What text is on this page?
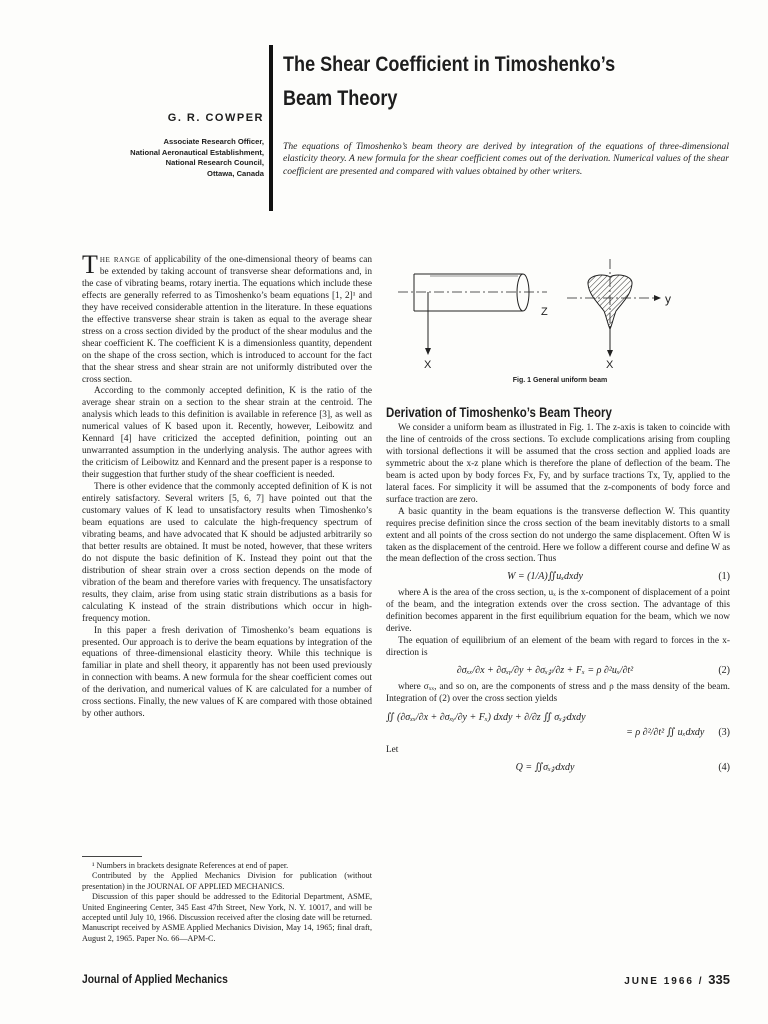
G. R. COWPER
Associate Research Officer,
National Aeronautical Establishment,
National Research Council,
Ottawa, Canada
The Shear Coefficient in Timoshenko’s
Beam Theory
The equations of Timoshenko’s beam theory are derived by integration of the equations of three-dimensional elasticity theory. A new formula for the shear coefficient comes out of the derivation. Numerical values of the shear coefficient are presented and compared with values obtained by other writers.

The range of applicability of the one-dimensional theory of beams can be extended by taking account of transverse shear deformations and, in the case of vibrating beams, rotary inertia. The equations which include these effects are generally referred to as Timoshenko’s beam equations [1, 2]¹ and they have received considerable attention in the literature. In these equations the effective transverse shear strain is taken as equal to the average shear stress on a cross section divided by the product of the shear modulus and the shear coefficient K. The coefficient K is a dimensionless quantity, dependent on the shape of the cross section, which is introduced to account for the fact that the shear stress and shear strain are not uniformly distributed over the cross section.

According to the commonly accepted definition, K is the ratio of the average shear strain on a section to the shear strain at the centroid. The analysis which leads to this definition is available in reference [3], as well as numerical values of K based upon it. Recently, however, Leibowitz and Kennard [4] have criticized the accepted definition, pointing out an unwarranted assumption in the underlying analysis. The author agrees with the criticism of Leibowitz and Kennard and the present paper is a response to their suggestion that further study of the shear coefficient is needed.

There is other evidence that the commonly accepted definition of K is not entirely satisfactory. Several writers [5, 6, 7] have pointed out that the customary values of K lead to unsatisfactory results when Timoshenko’s beam equations are used to calculate the high-frequency spectrum of vibrating beams, and have advocated that K should be adjusted arbitrarily so that better results are obtained. It must be noted, however, that these writers do not dispute the basic definition of K. Instead they point out that the distribution of shear strain over a cross section depends on the mode of vibration of the beam and therefore varies with frequency. The unsatisfactory results, they claim, arise from using static strain distributions as a basis for calculating K instead of the strain distributions which occur in high-frequency motion.

In this paper a fresh derivation of Timoshenko’s beam equations is presented. Our approach is to derive the beam equations by integration of the equations of three-dimensional elasticity theory. While this technique is familiar in plate and shell theory, it apparently has not been used previously in connection with beams. A new formula for the shear coefficient comes out of the derivation, and numerical values of K are calculated for a number of cross sections. Finally, the new values of K are compared with those obtained by other authors.

¹ Numbers in brackets designate References at end of paper.

Contributed by the Applied Mechanics Division for publication (without presentation) in the JOURNAL OF APPLIED MECHANICS.

Discussion of this paper should be addressed to the Editorial Department, ASME, United Engineering Center, 345 East 47th Street, New York, N. Y. 10017, and will be accepted until July 10, 1966. Discussion received after the closing date will be returned. Manuscript received by ASME Applied Mechanics Division, May 14, 1965; final draft, August 2, 1965. Paper No. 66—APM-C.

Z
X
y
X
Fig. 1 General uniform beam
Derivation of Timoshenko’s Beam Theory

We consider a uniform beam as illustrated in Fig. 1. The z-axis is taken to coincide with the line of centroids of the cross sections. To exclude complications arising from coupling with torsional deflections it will be assumed that the cross section and applied loads are symmetric about the x-z plane which is therefore the plane of deflection of the beam. The beam is acted upon by body forces Fx, Fy, and by surface tractions Tx, Ty, applied to the lateral faces. For simplicity it will be assumed that the z-components of body force and surface traction are zero.

A basic quantity in the beam equations is the transverse deflection W. This quantity requires precise definition since the cross section of the beam inevitably distorts to a small extent and all points of the cross section do not undergo the same displacement. Often W is taken as the displacement of the centroid. Here we follow a different course and define W as the mean deflection of the cross section. Thus

W = (1/A)∬uₓdxdy	(1)

where A is the area of the cross section, uₓ is the x-component of displacement of a point of the beam, and the integration extends over the cross section. The advantage of this definition becomes apparent in the first equilibrium equation for the beam, which we now derive.

The equation of equilibrium of an element of the beam with regard to forces in the x-direction is

∂σₓₓ/∂x + ∂σₓᵧ/∂y + ∂σₓ𝓏/∂z + Fₓ = ρ ∂²uₓ/∂t²	(2)

where σₓₓ, and so on, are the components of stress and ρ the mass density of the beam. Integration of (2) over the cross section yields

∬ (∂σₓₓ/∂x + ∂σₓᵧ/∂y + Fₓ) dxdy + ∂/∂z ∬ σₓ𝓏dxdy
= ρ ∂²/∂t² ∬ uₓdxdy (3)

Let

Q = ∬σₓ𝓏dxdy	(4)
Journal of Applied Mechanics	JUNE 1966 / 335
